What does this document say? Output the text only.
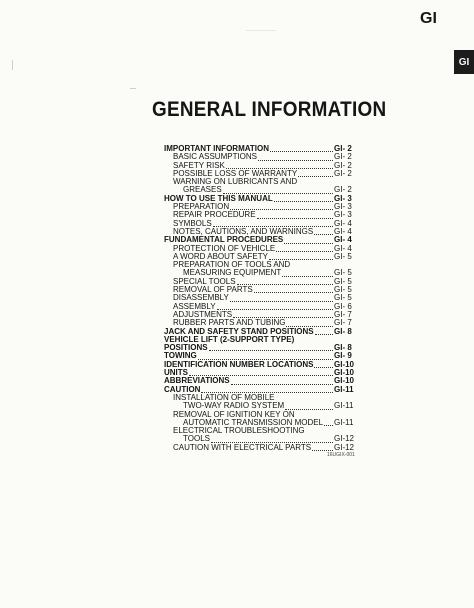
GI
GI
GENERAL INFORMATION
IMPORTANT INFORMATION	GI- 2
BASIC ASSUMPTIONS	GI- 2
SAFETY RISK	GI- 2
POSSIBLE LOSS OF WARRANTY	GI- 2
WARNING ON LUBRICANTS AND
GREASES	GI- 2
HOW TO USE THIS MANUAL	GI- 3
PREPARATION	GI- 3
REPAIR PROCEDURE	GI- 3
SYMBOLS	GI- 4
NOTES, CAUTIONS, AND WARNINGS	GI- 4
FUNDAMENTAL PROCEDURES	GI- 4
PROTECTION OF VEHICLE	GI- 4
A WORD ABOUT SAFETY	GI- 5
PREPARATION OF TOOLS AND
MEASURING EQUIPMENT	GI- 5
SPECIAL TOOLS	GI- 5
REMOVAL OF PARTS	GI- 5
DISASSEMBLY	GI- 5
ASSEMBLY	GI- 6
ADJUSTMENTS	GI- 7
RUBBER PARTS AND TUBING	GI- 7
JACK AND SAFETY STAND POSITIONS	GI- 8
VEHICLE LIFT (2-SUPPORT TYPE)
POSITIONS	GI- 8
TOWING	GI- 9
IDENTIFICATION NUMBER LOCATIONS	GI-10
UNITS	GI-10
ABBREVIATIONS	GI-10
CAUTION	GI-11
INSTALLATION OF MOBILE
TWO-WAY RADIO SYSTEM	GI-11
REMOVAL OF IGNITION KEY ON
AUTOMATIC TRANSMISSION MODEL GI-11
ELECTRICAL TROUBLESHOOTING
TOOLS	GI-12
CAUTION WITH ELECTRICAL PARTS	GI-12
16UGIX-001
